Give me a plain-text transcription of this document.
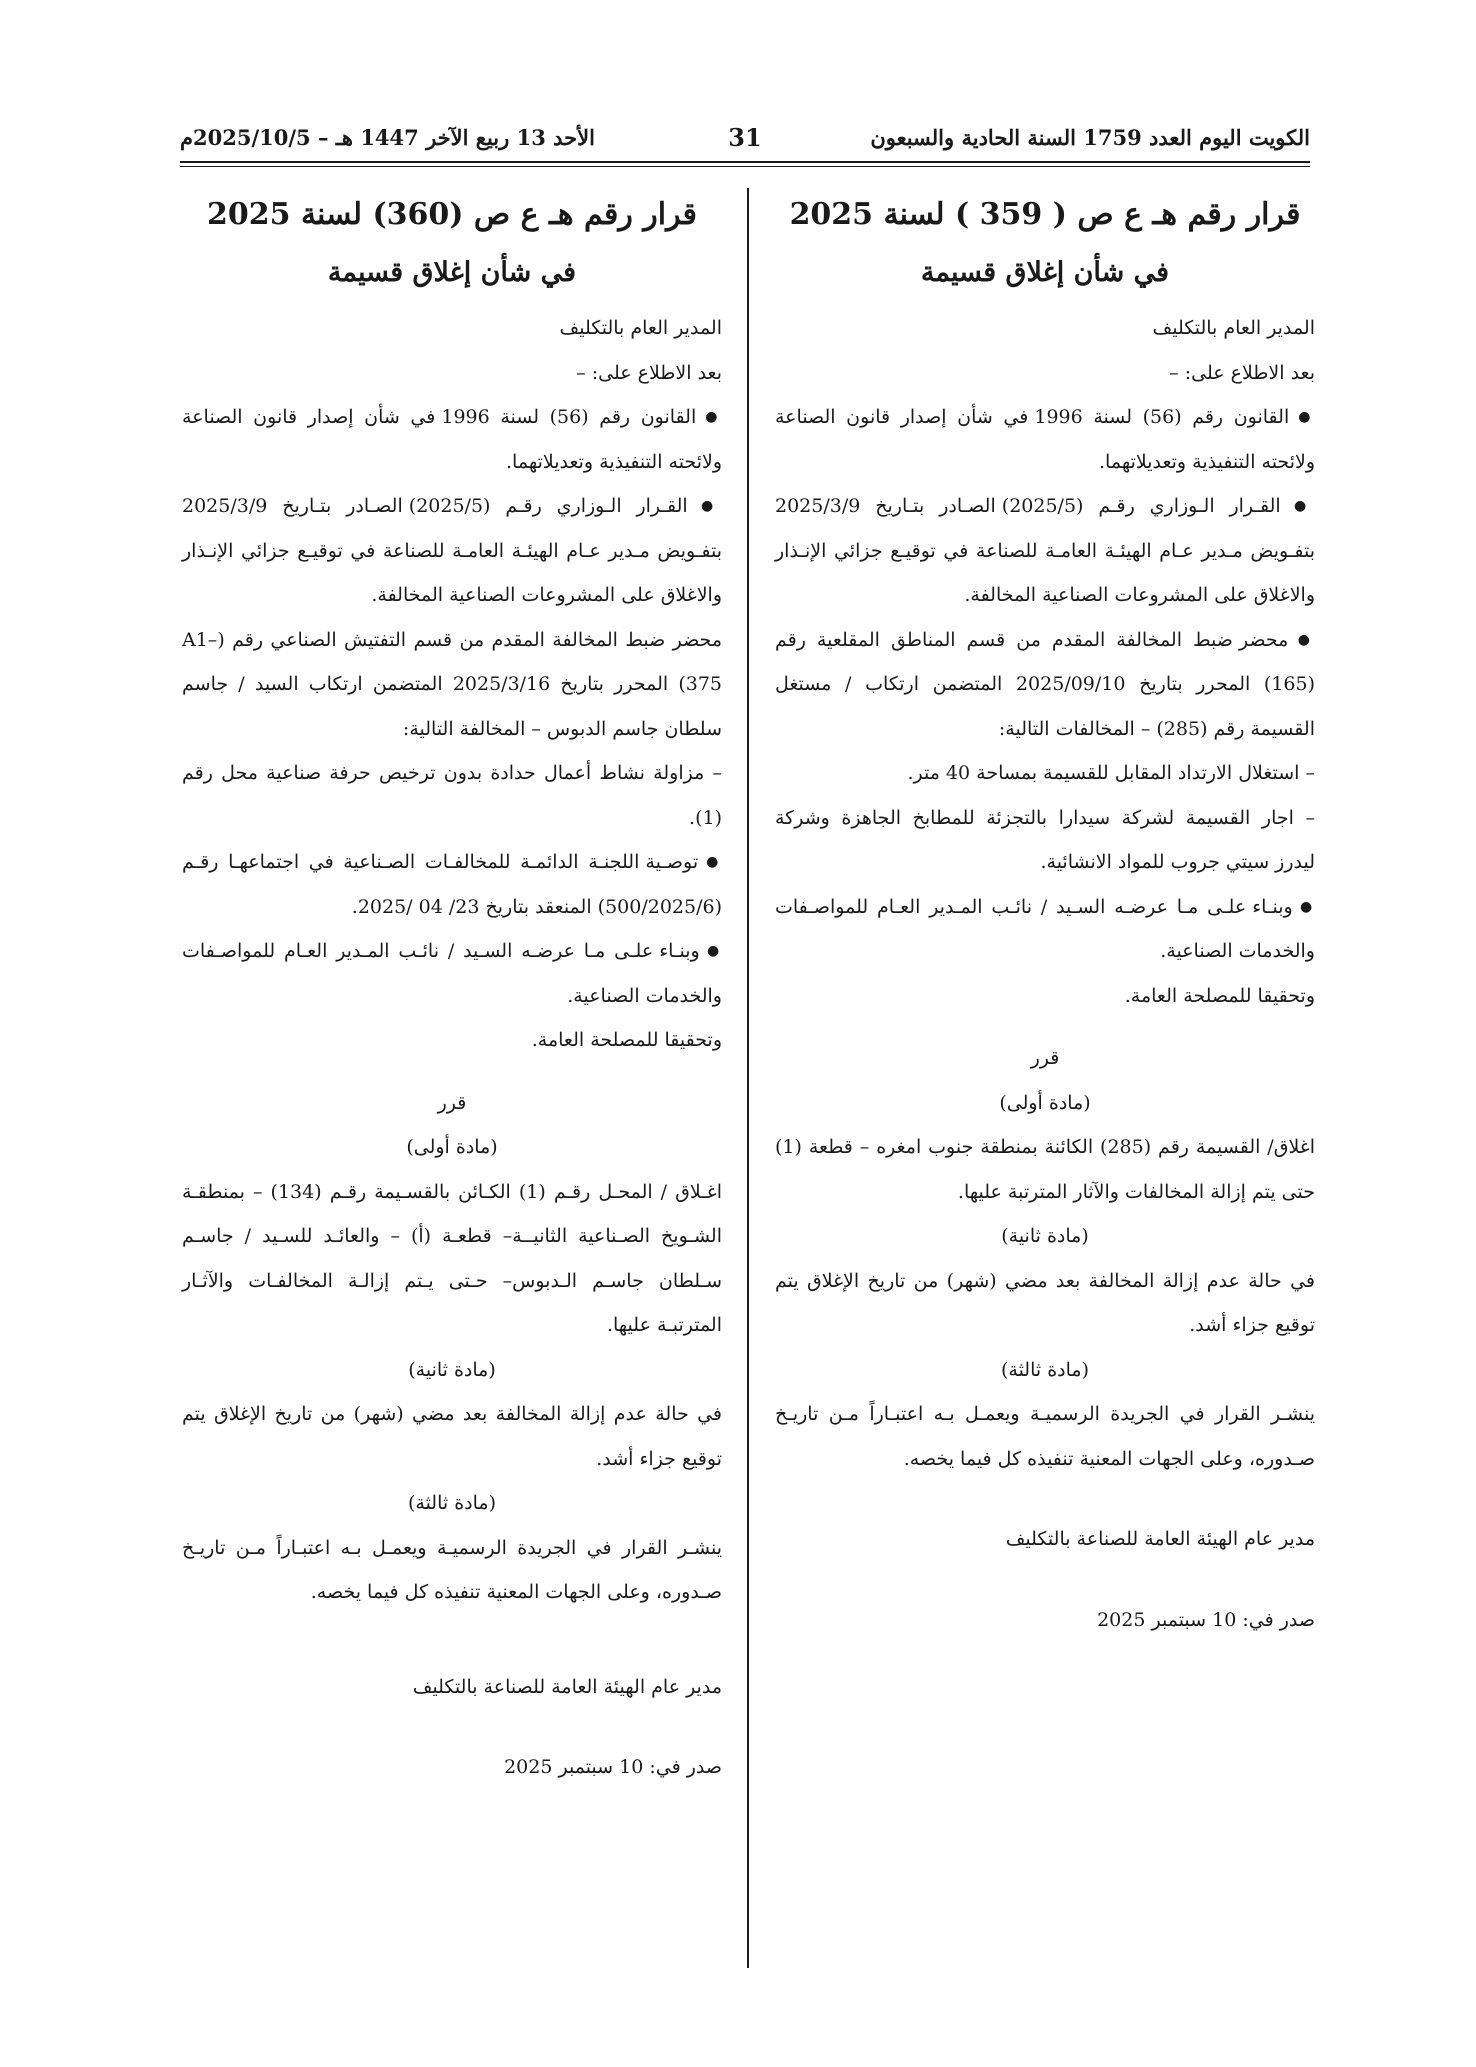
الكويت اليوم العدد 1759 السنة الحادية والسبعون
31
الأحد 13 ربيع الآخر 1447 هـ – 2025/10/5م

قرار رقم هـ ع ص ( 359 ) لسنة 2025

في شأن إغلاق قسيمة

المدير العام بالتكليف

بعد الاطلاع على: –

● القانون رقم (56) لسنة 1996 في شأن إصدار قانون الصناعة ولائحته التنفيذية وتعديلاتهما.

● القـرار الـوزاري رقـم (2025/5) الصـادر بتـاريخ 2025/3/9 بتفـويض مـدير عـام الهيئـة العامـة للصناعة في توقيـع جزائي الإنـذار والاغلاق على المشروعات الصناعية المخالفة.

● محضر ضبط المخالفة المقدم من قسم المناطق المقلعية رقم (165) المحرر بتاريخ 2025/09/10 المتضمن ارتكاب / مستغل القسيمة رقم (285) – المخالفات التالية:

– استغلال الارتداد المقابل للقسيمة بمساحة 40 متر.

– اجار القسيمة لشركة سيدارا بالتجزئة للمطابخ الجاهزة وشركة ليدرز سيتي جروب للمواد الانشائية.

● وبنـاء علـى مـا عرضـه السـيد / نائـب المـدير العـام للمواصـفات والخدمات الصناعية.

وتحقيقا للمصلحة العامة.

قرر

(مادة أولى)

اغلاق/ القسيمة رقم (285) الكائنة بمنطقة جنوب امغره – قطعة (1) حتى يتم إزالة المخالفات والآثار المترتبة عليها.

(مادة ثانية)

في حالة عدم إزالة المخالفة بعد مضي (شهر) من تاريخ الإغلاق يتم توقيع جزاء أشد.

(مادة ثالثة)

ينشـر القرار في الجريدة الرسميـة ويعمـل بـه اعتبـاراً مـن تاريـخ صـدوره، وعلى الجهات المعنية تنفيذه كل فيما يخصه.

مدير عام الهيئة العامة للصناعة بالتكليف

صدر في: 10 سبتمبر 2025

قرار رقم هـ ع ص (360) لسنة 2025

في شأن إغلاق قسيمة

المدير العام بالتكليف

بعد الاطلاع على: –

● القانون رقم (56) لسنة 1996 في شأن إصدار قانون الصناعة ولائحته التنفيذية وتعديلاتهما.

● القـرار الـوزاري رقـم (2025/5) الصـادر بتـاريخ 2025/3/9 بتفـويض مـدير عـام الهيئـة العامـة للصناعة في توقيـع جزائي الإنـذار والاغلاق على المشروعات الصناعية المخالفة.

محضر ضبط المخالفة المقدم من قسم التفتيش الصناعي رقم (A1–375) المحرر بتاريخ 2025/3/16 المتضمن ارتكاب السيد / جاسم سلطان جاسم الدبوس – المخالفة التالية:

– مزاولة نشاط أعمال حدادة بدون ترخيص حرفة صناعية محل رقم (1).

● توصـية اللجنـة الدائمـة للمخالفـات الصـناعية في اجتماعهـا رقـم (500/2025/6) المنعقد بتاريخ 23/ 04 /2025.

● وبنـاء علـى مـا عرضـه السـيد / نائـب المـدير العـام للمواصـفات والخدمات الصناعية.

وتحقيقا للمصلحة العامة.

قرر

(مادة أولى)

اغـلاق / المحـل رقـم (1) الكـائن بالقسـيمة رقـم (134) – بمنطقـة الشـويخ الصـناعية الثانيــة– قطعـة (أ) – والعائـد للسـيد / جاسـم سـلطان جاسـم الـدبوس– حـتى يـتم إزالـة المخالفـات والآثـار المترتبـة عليها.

(مادة ثانية)

في حالة عدم إزالة المخالفة بعد مضي (شهر) من تاريخ الإغلاق يتم توقيع جزاء أشد.

(مادة ثالثة)

ينشـر القرار في الجريدة الرسميـة ويعمـل بـه اعتبـاراً مـن تاريـخ صـدوره، وعلى الجهات المعنية تنفيذه كل فيما يخصه.

مدير عام الهيئة العامة للصناعة بالتكليف

صدر في: 10 سبتمبر 2025
